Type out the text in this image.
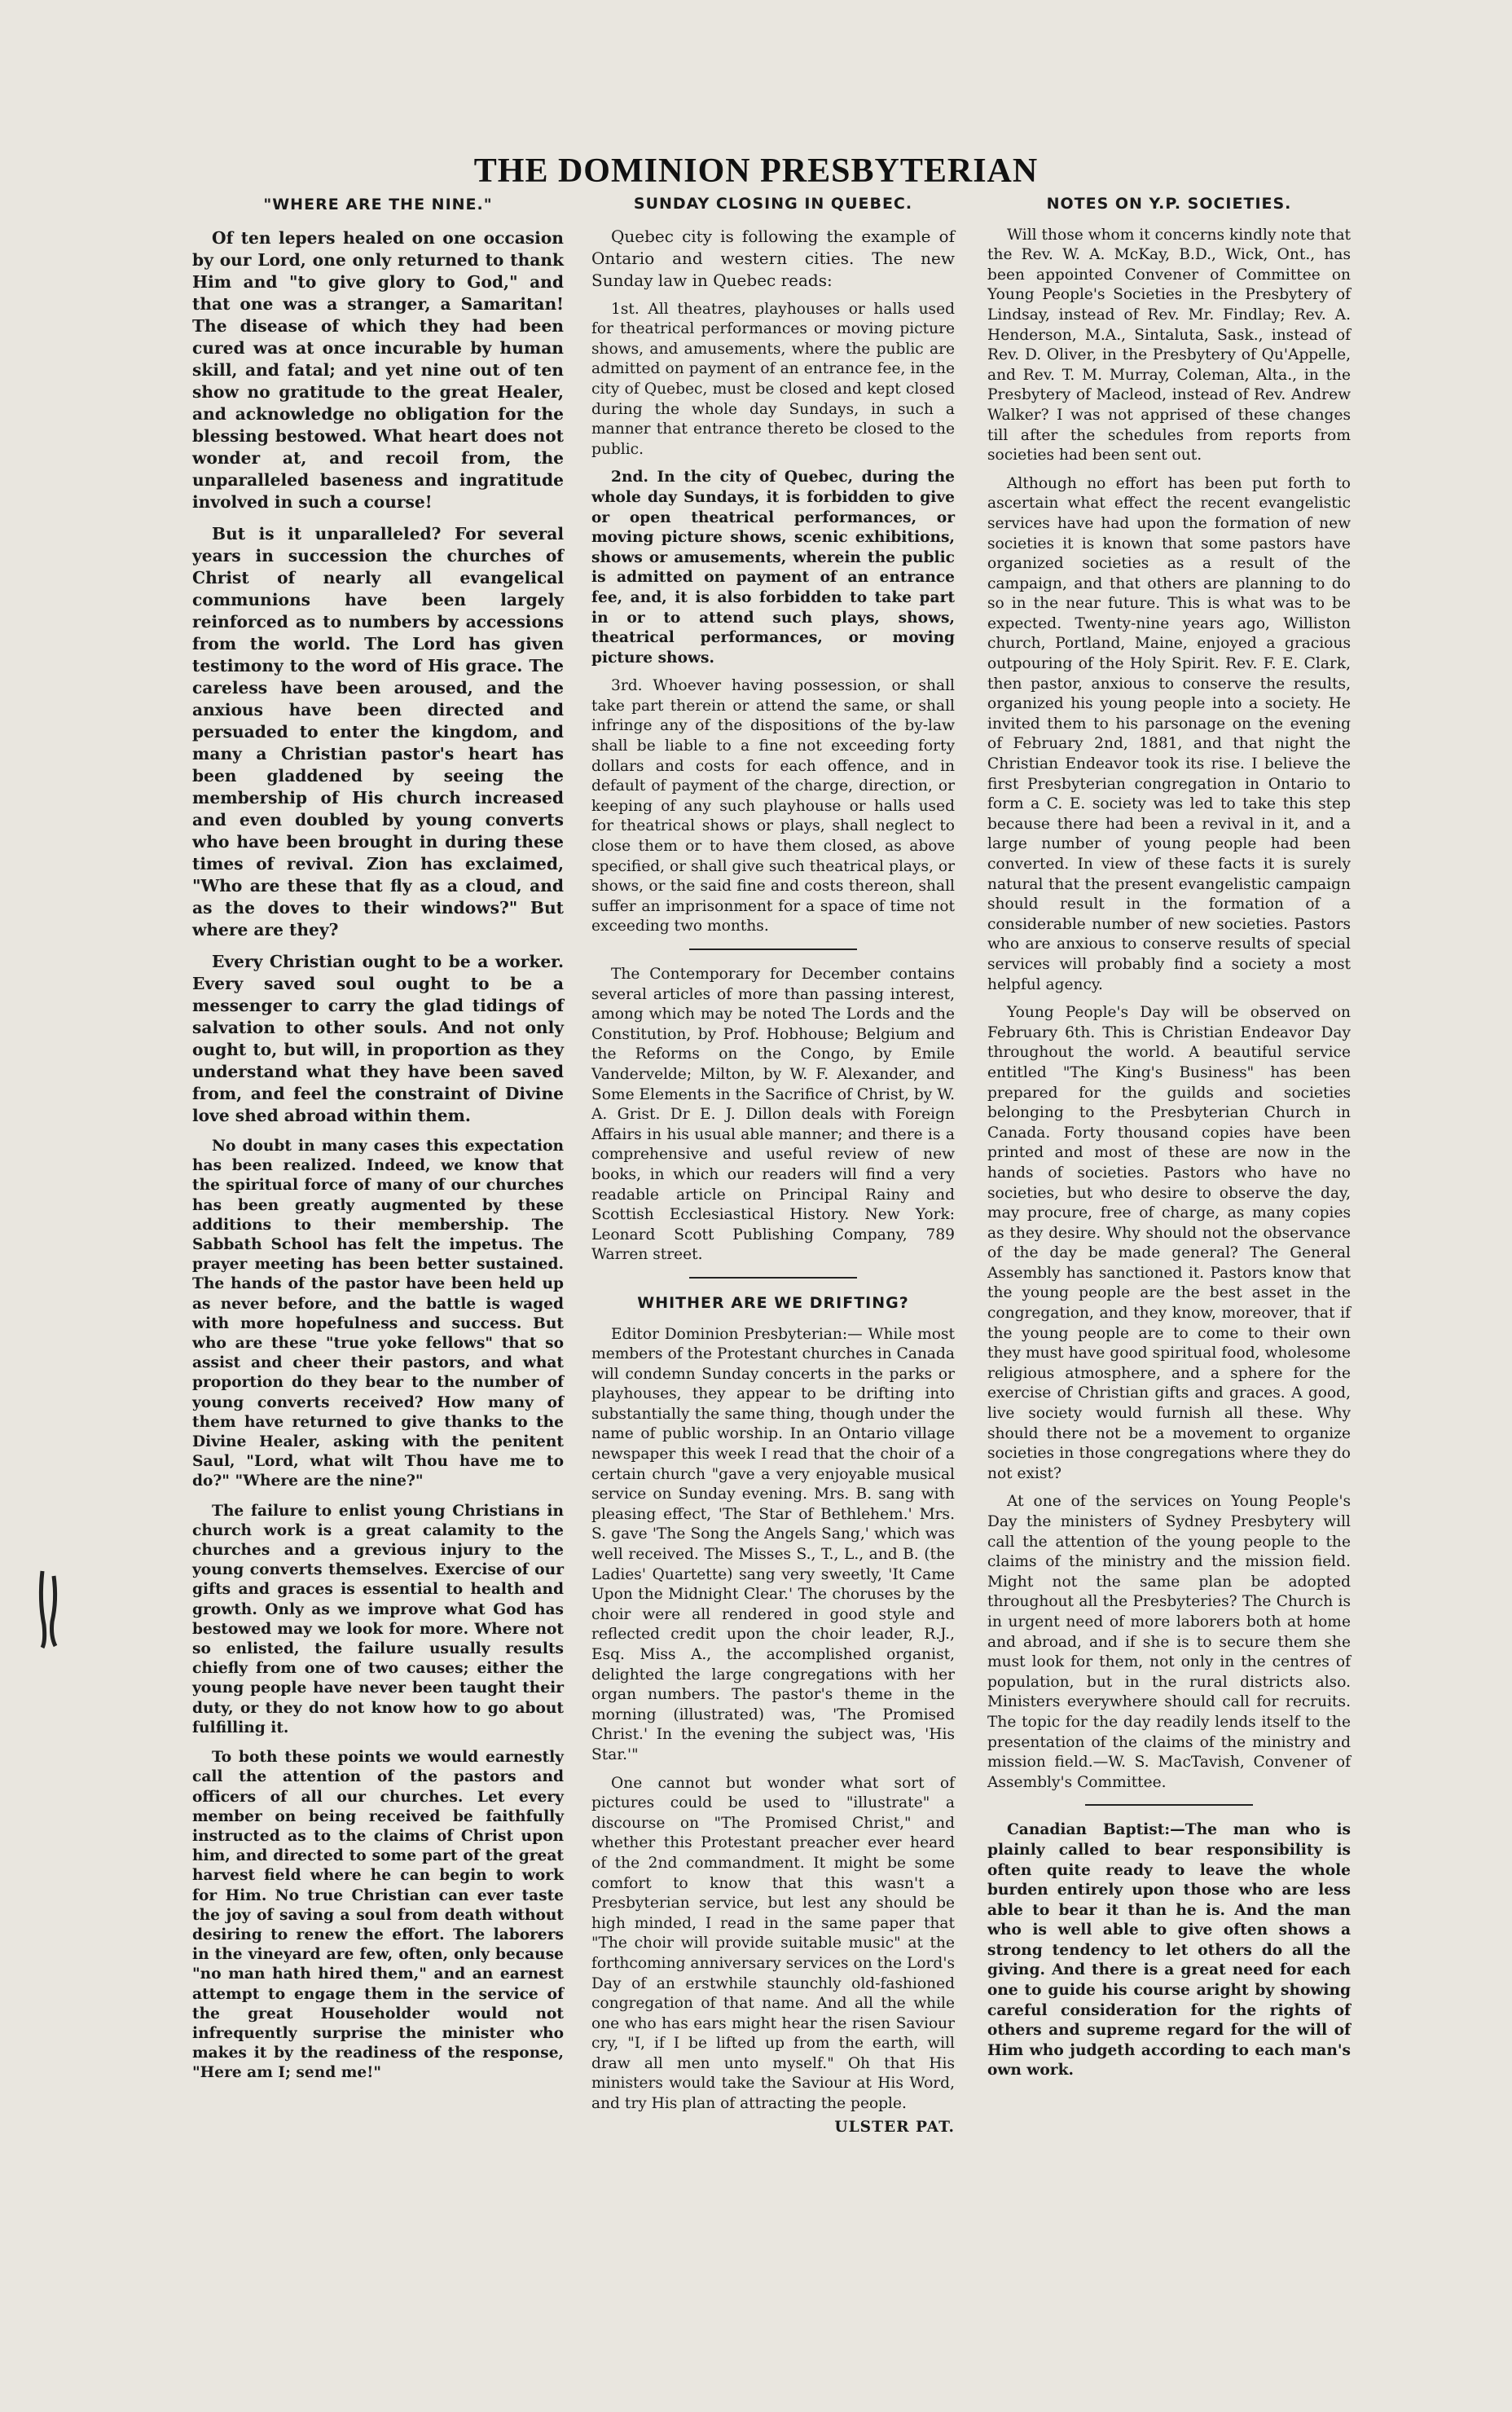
THE DOMINION PRESBYTERIAN
"WHERE ARE THE NINE."

Of ten lepers healed on one occasion by our Lord, one only returned to thank Him and "to give glory to God," and that one was a stranger, a Samaritan! The disease of which they had been cured was at once incurable by human skill, and fatal; and yet nine out of ten show no gratitude to the great Healer, and acknowledge no obligation for the blessing bestowed. What heart does not wonder at, and recoil from, the unparalleled baseness and ingratitude involved in such a course!

But is it unparalleled? For several years in succession the churches of Christ of nearly all evangelical communions have been largely reinforced as to numbers by accessions from the world. The Lord has given testimony to the word of His grace. The careless have been aroused, and the anxious have been directed and persuaded to enter the kingdom, and many a Christian pastor's heart has been gladdened by seeing the membership of His church increased and even doubled by young converts who have been brought in during these times of revival. Zion has exclaimed, "Who are these that fly as a cloud, and as the doves to their windows?" But where are they?

Every Christian ought to be a worker. Every saved soul ought to be a messenger to carry the glad tidings of salvation to other souls. And not only ought to, but will, in proportion as they understand what they have been saved from, and feel the constraint of Divine love shed abroad within them.

No doubt in many cases this expectation has been realized. Indeed, we know that the spiritual force of many of our churches has been greatly augmented by these additions to their membership. The Sabbath School has felt the impetus. The prayer meeting has been better sustained. The hands of the pastor have been held up as never before, and the battle is waged with more hopefulness and success. But who are these "true yoke fellows" that so assist and cheer their pastors, and what proportion do they bear to the number of young converts received? How many of them have returned to give thanks to the Divine Healer, asking with the penitent Saul, "Lord, what wilt Thou have me to do?" "Where are the nine?"

The failure to enlist young Christians in church work is a great calamity to the churches and a grevious injury to the young converts themselves. Exercise of our gifts and graces is essential to health and growth. Only as we improve what God has bestowed may we look for more. Where not so enlisted, the failure usually results chiefly from one of two causes; either the young people have never been taught their duty, or they do not know how to go about fulfilling it.

To both these points we would earnestly call the attention of the pastors and officers of all our churches. Let every member on being received be faithfully instructed as to the claims of Christ upon him, and directed to some part of the great harvest field where he can begin to work for Him. No true Christian can ever taste the joy of saving a soul from death without desiring to renew the effort. The laborers in the vineyard are few, often, only because "no man hath hired them," and an earnest attempt to engage them in the service of the great Householder would not infrequently surprise the minister who makes it by the readiness of the response, "Here am I; send me!"

SUNDAY CLOSING IN QUEBEC.

Quebec city is following the example of Ontario and western cities. The new Sunday law in Quebec reads:

1st. All theatres, playhouses or halls used for theatrical performances or moving picture shows, and amusements, where the public are admitted on payment of an entrance fee, in the city of Quebec, must be closed and kept closed during the whole day Sundays, in such a manner that entrance thereto be closed to the public.

2nd. In the city of Quebec, during the whole day Sundays, it is forbidden to give or open theatrical performances, or moving picture shows, scenic exhibitions, shows or amusements, wherein the public is admitted on payment of an entrance fee, and, it is also forbidden to take part in or to attend such plays, shows, theatrical performances, or moving picture shows.

3rd. Whoever having possession, or shall take part therein or attend the same, or shall infringe any of the dispositions of the by-law shall be liable to a fine not exceeding forty dollars and costs for each offence, and in default of payment of the charge, direction, or keeping of any such playhouse or halls used for theatrical shows or plays, shall neglect to close them or to have them closed, as above specified, or shall give such theatrical plays, or shows, or the said fine and costs thereon, shall suffer an imprisonment for a space of time not exceeding two months.

The Contemporary for December contains several articles of more than passing interest, among which may be noted The Lords and the Constitution, by Prof. Hobhouse; Belgium and the Reforms on the Congo, by Emile Vandervelde; Milton, by W. F. Alexander, and Some Elements in the Sacrifice of Christ, by W. A. Grist. Dr E. J. Dillon deals with Foreign Affairs in his usual able manner; and there is a comprehensive and useful review of new books, in which our readers will find a very readable article on Principal Rainy and Scottish Ecclesiastical History. New York: Leonard Scott Publishing Company, 789 Warren street.

WHITHER ARE WE DRIFTING?

Editor Dominion Presbyterian:— While most members of the Protestant churches in Canada will condemn Sunday concerts in the parks or playhouses, they appear to be drifting into substantially the same thing, though under the name of public worship. In an Ontario village newspaper this week I read that the choir of a certain church "gave a very enjoyable musical service on Sunday evening. Mrs. B. sang with pleasing effect, 'The Star of Bethlehem.' Mrs. S. gave 'The Song the Angels Sang,' which was well received. The Misses S., T., L., and B. (the Ladies' Quartette) sang very sweetly, 'It Came Upon the Midnight Clear.' The choruses by the choir were all rendered in good style and reflected credit upon the choir leader, R.J., Esq. Miss A., the accomplished organist, delighted the large congregations with her organ numbers. The pastor's theme in the morning (illustrated) was, 'The Promised Christ.' In the evening the subject was, 'His Star.'"

One cannot but wonder what sort of pictures could be used to "illustrate" a discourse on "The Promised Christ," and whether this Protestant preacher ever heard of the 2nd commandment. It might be some comfort to know that this wasn't a Presbyterian service, but lest any should be high minded, I read in the same paper that "The choir will provide suitable music" at the forthcoming anniversary services on the Lord's Day of an erstwhile staunchly old-fashioned congregation of that name. And all the while one who has ears might hear the risen Saviour cry, "I, if I be lifted up from the earth, will draw all men unto myself." Oh that His ministers would take the Saviour at His Word, and try His plan of attracting the people.

ULSTER PAT.
NOTES ON Y.P. SOCIETIES.

Will those whom it concerns kindly note that the Rev. W. A. McKay, B.D., Wick, Ont., has been appointed Convener of Committee on Young People's Societies in the Presbytery of Lindsay, instead of Rev. Mr. Findlay; Rev. A. Henderson, M.A., Sintaluta, Sask., instead of Rev. D. Oliver, in the Presbytery of Qu'Appelle, and Rev. T. M. Murray, Coleman, Alta., in the Presbytery of Macleod, instead of Rev. Andrew Walker? I was not apprised of these changes till after the schedules from reports from societies had been sent out.

Although no effort has been put forth to ascertain what effect the recent evangelistic services have had upon the formation of new societies it is known that some pastors have organized societies as a result of the campaign, and that others are planning to do so in the near future. This is what was to be expected. Twenty-nine years ago, Williston church, Portland, Maine, enjoyed a gracious outpouring of the Holy Spirit. Rev. F. E. Clark, then pastor, anxious to conserve the results, organized his young people into a society. He invited them to his parsonage on the evening of February 2nd, 1881, and that night the Christian Endeavor took its rise. I believe the first Presbyterian congregation in Ontario to form a C. E. society was led to take this step because there had been a revival in it, and a large number of young people had been converted. In view of these facts it is surely natural that the present evangelistic campaign should result in the formation of a considerable number of new societies. Pastors who are anxious to conserve results of special services will probably find a society a most helpful agency.

Young People's Day will be observed on February 6th. This is Christian Endeavor Day throughout the world. A beautiful service entitled "The King's Business" has been prepared for the guilds and societies belonging to the Presbyterian Church in Canada. Forty thousand copies have been printed and most of these are now in the hands of societies. Pastors who have no societies, but who desire to observe the day, may procure, free of charge, as many copies as they desire. Why should not the observance of the day be made general? The General Assembly has sanctioned it. Pastors know that the young people are the best asset in the congregation, and they know, moreover, that if the young people are to come to their own they must have good spiritual food, wholesome religious atmosphere, and a sphere for the exercise of Christian gifts and graces. A good, live society would furnish all these. Why should there not be a movement to organize societies in those congregations where they do not exist?

At one of the services on Young People's Day the ministers of Sydney Presbytery will call the attention of the young people to the claims of the ministry and the mission field. Might not the same plan be adopted throughout all the Presbyteries? The Church is in urgent need of more laborers both at home and abroad, and if she is to secure them she must look for them, not only in the centres of population, but in the rural districts also. Ministers everywhere should call for recruits. The topic for the day readily lends itself to the presentation of the claims of the ministry and mission field.—W. S. MacTavish, Convener of Assembly's Committee.

Canadian Baptist:—The man who is plainly called to bear responsibility is often quite ready to leave the whole burden entirely upon those who are less able to bear it than he is. And the man who is well able to give often shows a strong tendency to let others do all the giving. And there is a great need for each one to guide his course aright by showing careful consideration for the rights of others and supreme regard for the will of Him who judgeth according to each man's own work.
